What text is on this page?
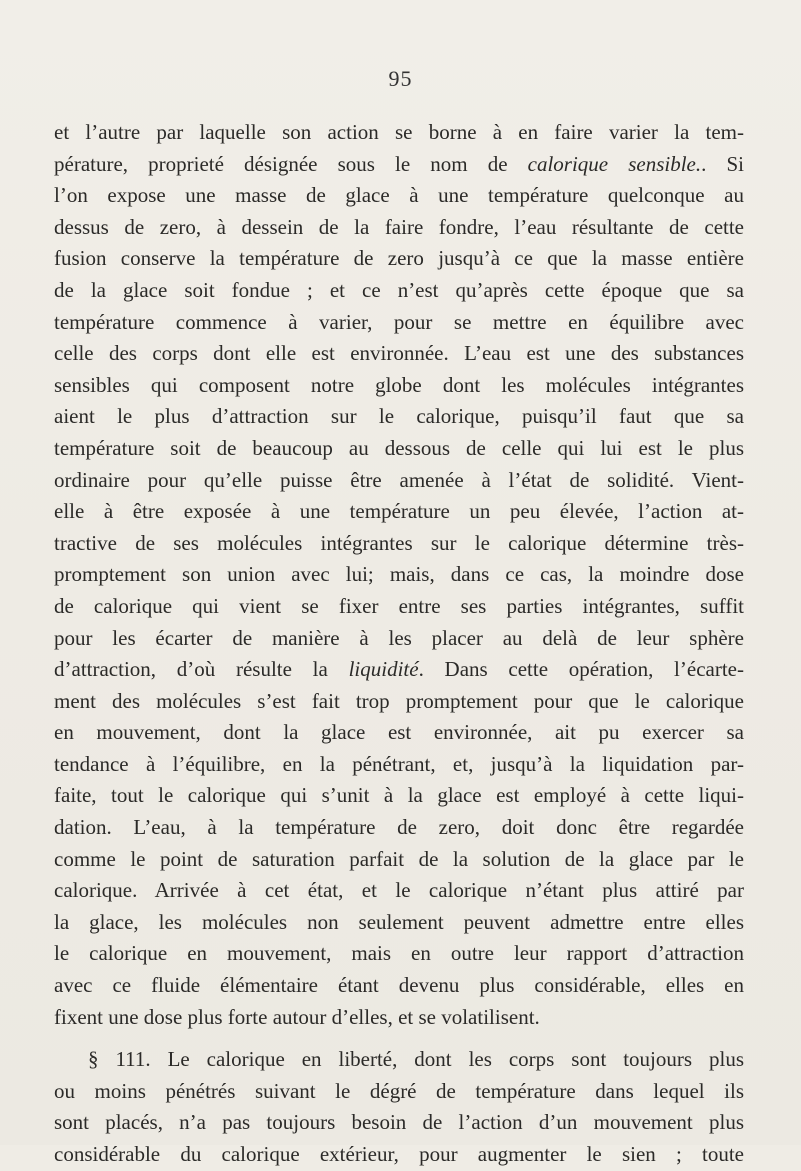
95
et l’autre par laquelle son action se borne à en faire varier la tem-
pérature, proprieté désignée sous le nom de calorique sensible.. Si
l’on expose une masse de glace à une température quelconque au
dessus de zero, à dessein de la faire fondre, l’eau résultante de cette
fusion conserve la température de zero jusqu’à ce que la masse entière
de la glace soit fondue ; et ce n’est qu’après cette époque que sa
température commence à varier, pour se mettre en équilibre avec
celle des corps dont elle est environnée. L’eau est une des substances
sensibles qui composent notre globe dont les molécules intégrantes
aient le plus d’attraction sur le calorique, puisqu’il faut que sa
température soit de beaucoup au dessous de celle qui lui est le plus
ordinaire pour qu’elle puisse être amenée à l’état de solidité. Vient-
elle à être exposée à une température un peu élevée, l’action at-
tractive de ses molécules intégrantes sur le calorique détermine très-
promptement son union avec lui; mais, dans ce cas, la moindre dose
de calorique qui vient se fixer entre ses parties intégrantes, suffit
pour les écarter de manière à les placer au delà de leur sphère
d’attraction, d’où résulte la liquidité. Dans cette opération, l’écarte-
ment des molécules s’est fait trop promptement pour que le calorique
en mouvement, dont la glace est environnée, ait pu exercer sa
tendance à l’équilibre, en la pénétrant, et, jusqu’à la liquidation par-
faite, tout le calorique qui s’unit à la glace est employé à cette liqui-
dation. L’eau, à la température de zero, doit donc être regardée
comme le point de saturation parfait de la solution de la glace par le
calorique. Arrivée à cet état, et le calorique n’étant plus attiré par
la glace, les molécules non seulement peuvent admettre entre elles
le calorique en mouvement, mais en outre leur rapport d’attraction
avec ce fluide élémentaire étant devenu plus considérable, elles en
fixent une dose plus forte autour d’elles, et se volatilisent.
§ 111. Le calorique en liberté, dont les corps sont toujours plus
ou moins pénétrés suivant le dégré de température dans lequel ils
sont placés, n’a pas toujours besoin de l’action d’un mouvement plus
considérable du calorique extérieur, pour augmenter le sien ; toute
